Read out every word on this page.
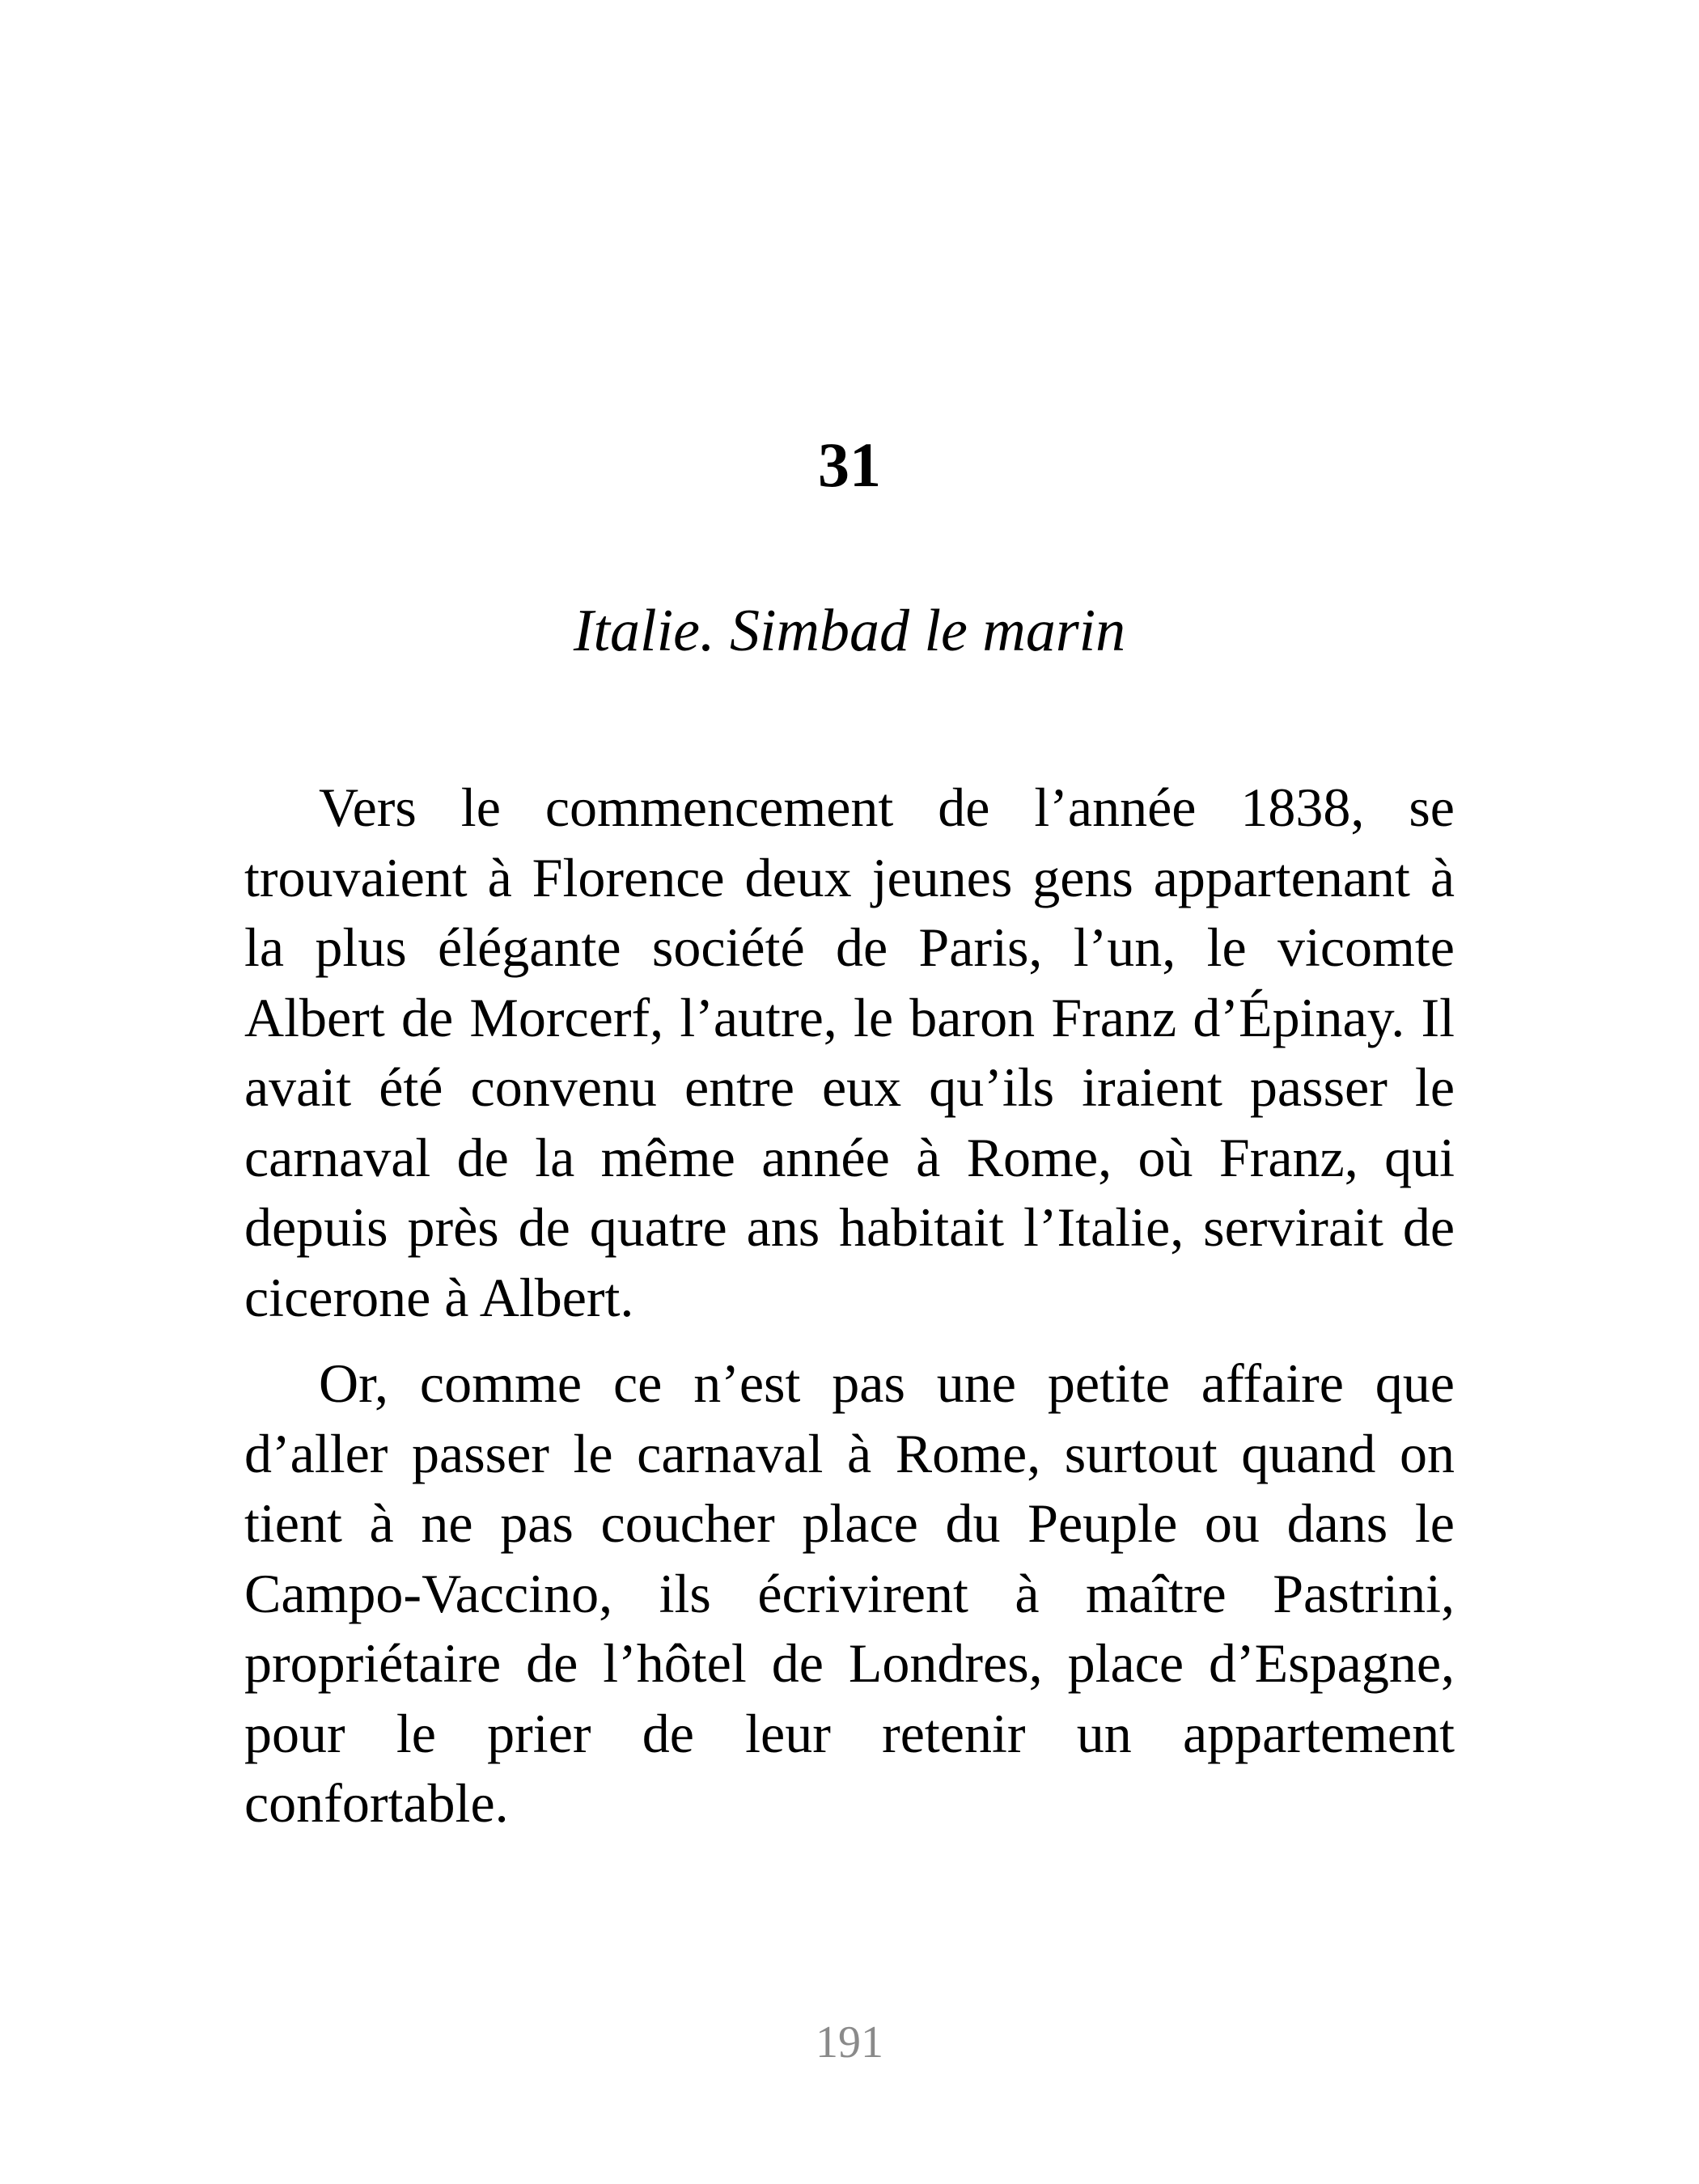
31
Italie. Simbad le marin

Vers le commencement de l’année 1838, se trouvaient à Florence deux jeunes gens appartenant à la plus élégante société de Paris, l’un, le vicomte Albert de Morcerf, l’autre, le baron Franz d’Épinay. Il avait été convenu entre eux qu’ils iraient passer le carnaval de la même année à Rome, où Franz, qui depuis près de quatre ans habitait l’Italie, servirait de cicerone à Albert.

Or, comme ce n’est pas une petite affaire que d’aller passer le carnaval à Rome, surtout quand on tient à ne pas coucher place du Peuple ou dans le Campo-Vaccino, ils écrivirent à maître Pastrini, propriétaire de l’hôtel de Londres, place d’Espagne, pour le prier de leur retenir un appartement confortable.

191
